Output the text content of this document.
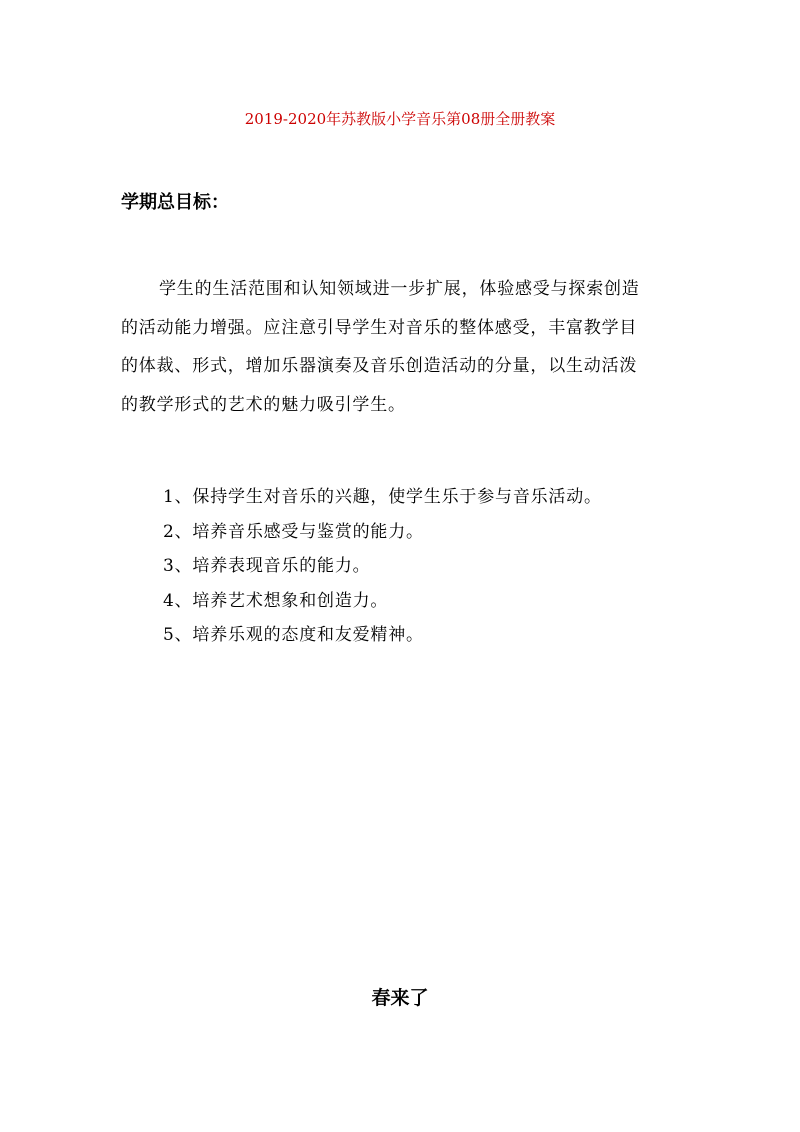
2019-2020年苏教版小学音乐第08册全册教案
学期总目标：
学生的生活范围和认知领域进一步扩展，体验感受与探索创造
的活动能力增强。应注意引导学生对音乐的整体感受，丰富教学目
的体裁、形式，增加乐器演奏及音乐创造活动的分量，以生动活泼
的教学形式的艺术的魅力吸引学生。
1、保持学生对音乐的兴趣，使学生乐于参与音乐活动。
2、培养音乐感受与鉴赏的能力。
3、培养表现音乐的能力。
4、培养艺术想象和创造力。
5、培养乐观的态度和友爱精神。
春来了
